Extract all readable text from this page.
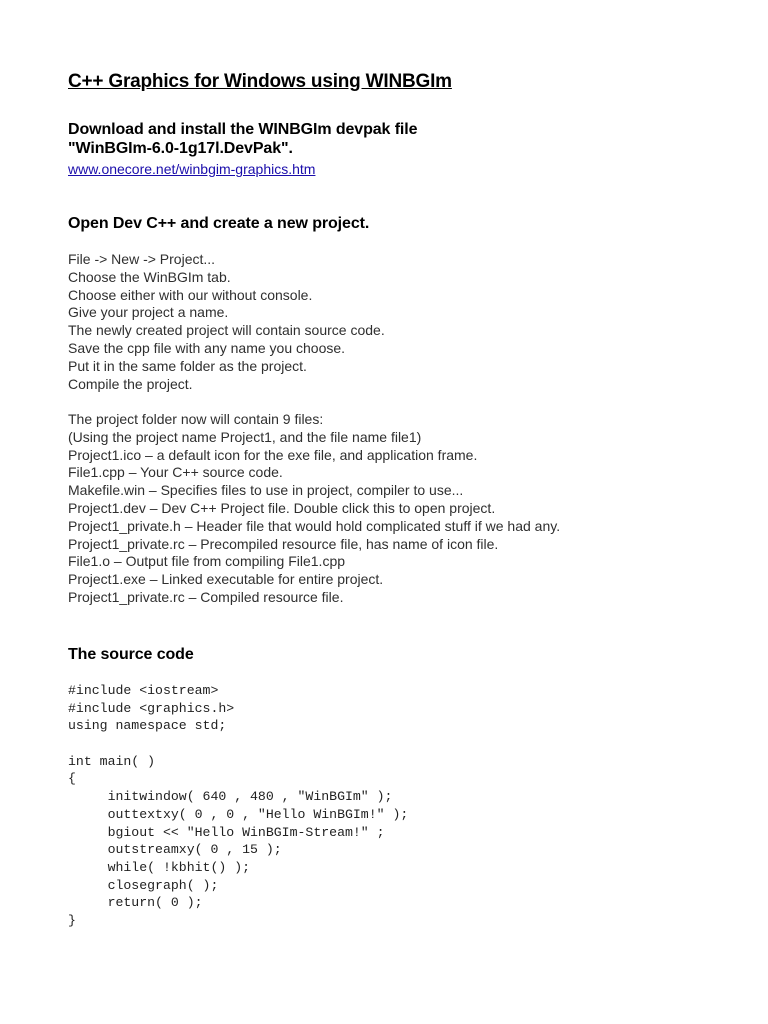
C++ Graphics for Windows using WINBGIm
Download and install the WINBGIm devpak file
"WinBGIm-6.0-1g17l.DevPak".
www.onecore.net/winbgim-graphics.htm
Open Dev C++ and create a new project.
File -> New -> Project...
Choose the WinBGIm tab.
Choose either with our without console.
Give your project a name.
The newly created project will contain source code.
Save the cpp file with any name you choose.
Put it in the same folder as the project.
Compile the project.
The project folder now will contain 9 files:
(Using the project name Project1, and the file name file1)
Project1.ico – a default icon for the exe file, and application frame.
File1.cpp – Your C++ source code.
Makefile.win – Specifies files to use in project, compiler to use...
Project1.dev – Dev C++ Project file. Double click this to open project.
Project1_private.h – Header file that would hold complicated stuff if we had any.
Project1_private.rc – Precompiled resource file, has name of icon file.
File1.o – Output file from compiling File1.cpp
Project1.exe – Linked executable for entire project.
Project1_private.rc – Compiled resource file.
The source code
#include <iostream>
#include <graphics.h>
using namespace std;
int main( )
{
initwindow( 640 , 480 , "WinBGIm" );
outtextxy( 0 , 0 , "Hello WinBGIm!" );
bgiout << "Hello WinBGIm-Stream!" ;
outstreamxy( 0 , 15 );
while( !kbhit() );
closegraph( );
return( 0 );
}
